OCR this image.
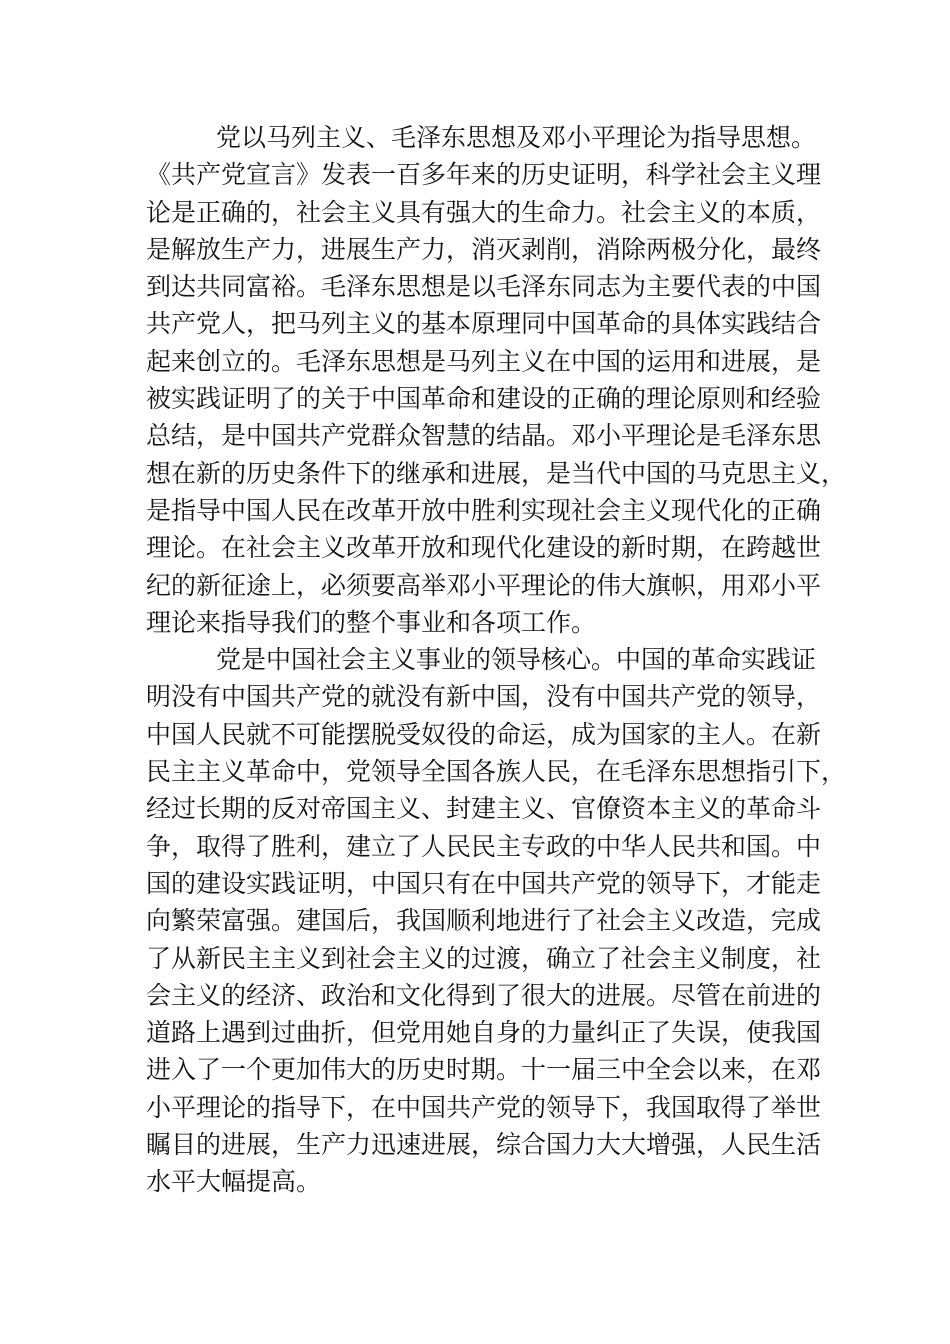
党以马列主义、毛泽东思想及邓小平理论为指导思想。
《共产党宣言》发表一百多年来的历史证明，科学社会主义理
论是正确的，社会主义具有强大的生命力。社会主义的本质，
是解放生产力，进展生产力，消灭剥削，消除两极分化，最终
到达共同富裕。毛泽东思想是以毛泽东同志为主要代表的中国
共产党人，把马列主义的基本原理同中国革命的具体实践结合
起来创立的。毛泽东思想是马列主义在中国的运用和进展，是
被实践证明了的关于中国革命和建设的正确的理论原则和经验
总结，是中国共产党群众智慧的结晶。邓小平理论是毛泽东思
想在新的历史条件下的继承和进展，是当代中国的马克思主义，
是指导中国人民在改革开放中胜利实现社会主义现代化的正确
理论。在社会主义改革开放和现代化建设的新时期，在跨越世
纪的新征途上，必须要高举邓小平理论的伟大旗帜，用邓小平
理论来指导我们的整个事业和各项工作。
党是中国社会主义事业的领导核心。中国的革命实践证
明没有中国共产党的就没有新中国，没有中国共产党的领导，
中国人民就不可能摆脱受奴役的命运，成为国家的主人。在新
民主主义革命中，党领导全国各族人民，在毛泽东思想指引下，
经过长期的反对帝国主义、封建主义、官僚资本主义的革命斗
争，取得了胜利，建立了人民民主专政的中华人民共和国。中
国的建设实践证明，中国只有在中国共产党的领导下，才能走
向繁荣富强。建国后，我国顺利地进行了社会主义改造，完成
了从新民主主义到社会主义的过渡，确立了社会主义制度，社
会主义的经济、政治和文化得到了很大的进展。尽管在前进的
道路上遇到过曲折，但党用她自身的力量纠正了失误，使我国
进入了一个更加伟大的历史时期。十一届三中全会以来，在邓
小平理论的指导下，在中国共产党的领导下，我国取得了举世
瞩目的进展，生产力迅速进展，综合国力大大增强，人民生活
水平大幅提高。
